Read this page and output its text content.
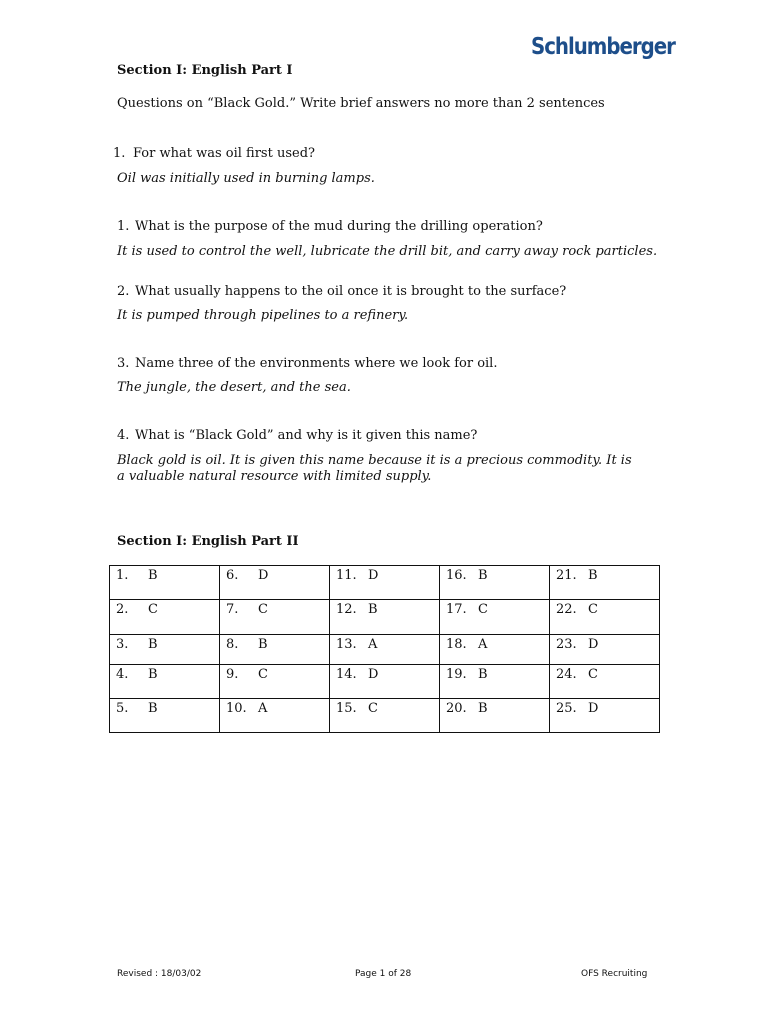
Schlumberger
Section I: English Part I
Questions on “Black Gold.” Write brief answers no more than 2 sentences
1. For what was oil first used?
Oil was initially used in burning lamps.
1. What is the purpose of the mud during the drilling operation?
It is used to control the well, lubricate the drill bit, and carry away rock particles.
2. What usually happens to the oil once it is brought to the surface?
It is pumped through pipelines to a refinery.
3. Name three of the environments where we look for oil.
The jungle, the desert, and the sea.
4. What is “Black Gold” and why is it given this name?
Black gold is oil. It is given this name because it is a precious commodity. It is a valuable natural resource with limited supply.
Section I: English Part II
1. B	6. D	11. D	16. B	21. B
2. C	7. C	12. B	17. C	22. C
3. B	8. B	13. A	18. A	23. D
4. B	9. C	14. D	19. B	24. C
5. B	10. A	15. C	20. B	25. D
Revised : 18/03/02	Page 1 of 28	OFS Recruiting
